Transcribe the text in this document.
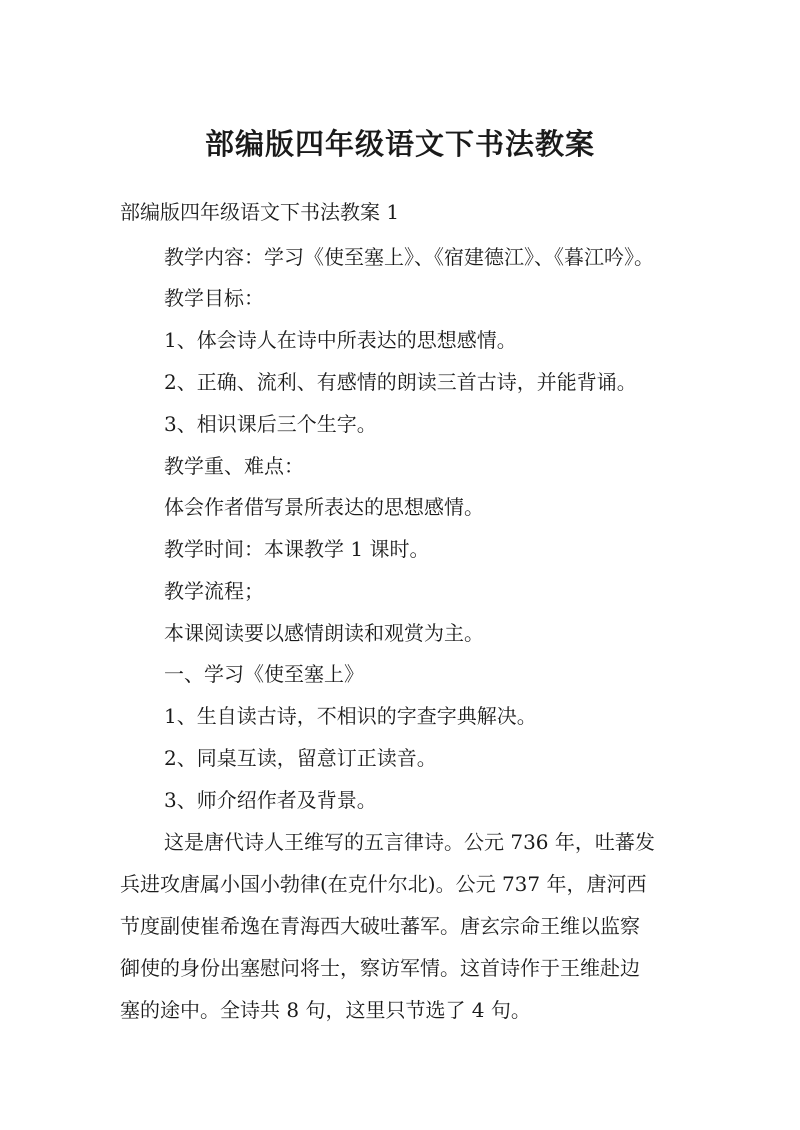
部编版四年级语文下书法教案
部编版四年级语文下书法教案 1
教学内容：学习《使至塞上》、《宿建德江》、《暮江吟》。
教学目标：
1、体会诗人在诗中所表达的思想感情。
2、正确、流利、有感情的朗读三首古诗，并能背诵。
3、相识课后三个生字。
教学重、难点：
体会作者借写景所表达的思想感情。
教学时间：本课教学 1 课时。
教学流程；
本课阅读要以感情朗读和观赏为主。
一、学习《使至塞上》
1、生自读古诗，不相识的字查字典解决。
2、同桌互读，留意订正读音。
3、师介绍作者及背景。
这是唐代诗人王维写的五言律诗。公元 736 年，吐蕃发
兵进攻唐属小国小勃律(在克什尔北)。公元 737 年，唐河西
节度副使崔希逸在青海西大破吐蕃军。唐玄宗命王维以监察
御使的身份出塞慰问将士，察访军情。这首诗作于王维赴边
塞的途中。全诗共 8 句，这里只节选了 4 句。
